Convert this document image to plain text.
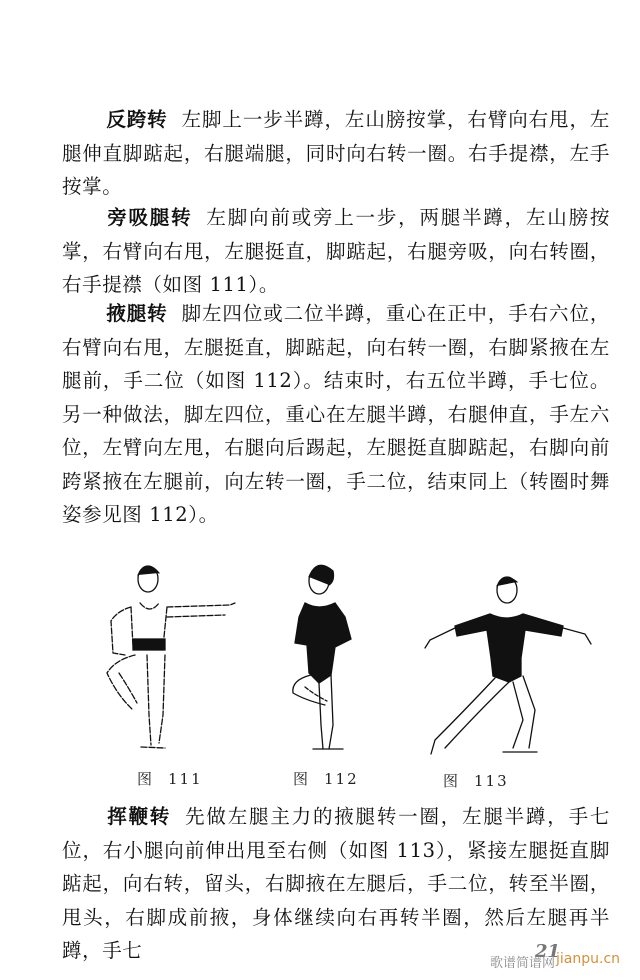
反跨转 左脚上一步半蹲，左山膀按掌，右臂向右甩，左腿伸直脚踮起，右腿端腿，同时向右转一圈。右手提襟，左手按掌。
旁吸腿转 左脚向前或旁上一步，两腿半蹲，左山膀按掌，右臂向右甩，左腿挺直，脚踮起，右腿旁吸，向右转圈，右手提襟（如图 111）。
掖腿转 脚左四位或二位半蹲，重心在正中，手右六位，右臂向右甩，左腿挺直，脚踮起，向右转一圈，右脚紧掖在左腿前，手二位（如图 112）。结束时，右五位半蹲，手七位。另一种做法，脚左四位，重心在左腿半蹲，右腿伸直，手左六位，左臂向左甩，右腿向后踢起，左腿挺直脚踮起，右脚向前跨紧掖在左腿前，向左转一圈，手二位，结束同上（转圈时舞姿参见图 112）。
图 111	图 112	图 113
挥鞭转 先做左腿主力的掖腿转一圈，左腿半蹲，手七位，右小腿向前伸出甩至右侧（如图 113），紧接左腿挺直脚踮起，向右转，留头，右脚掖在左腿后，手二位，转至半圈，甩头，右脚成前掖，身体继续向右再转半圈，然后左腿再半蹲，手七	21
歌谱简谱网 jianpu.cn
